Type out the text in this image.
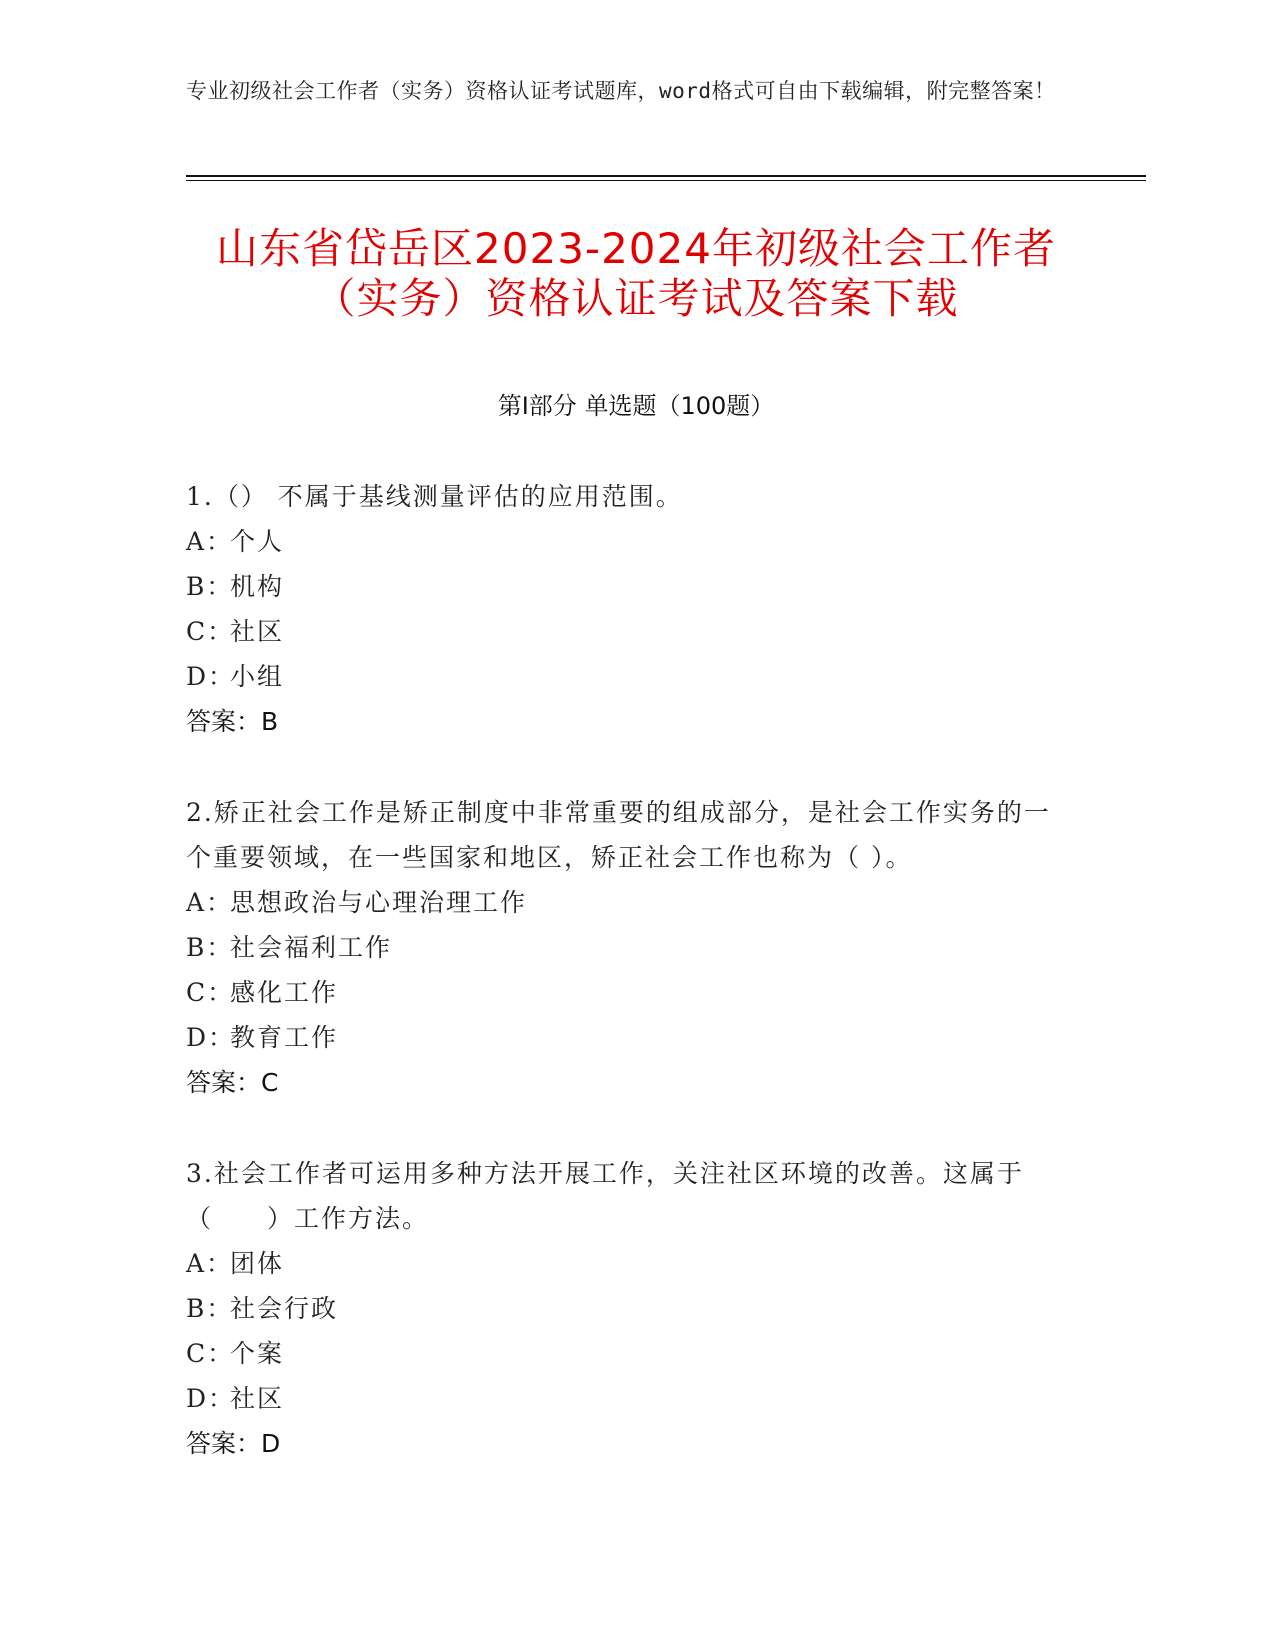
专业初级社会工作者（实务）资格认证考试题库，word格式可自由下载编辑，附完整答案！
山东省岱岳区2023-2024年初级社会工作者
（实务）资格认证考试及答案下载
第Ⅰ部分 单选题（100题）
1.（） 不属于基线测量评估的应用范围。
A：个人
B：机构
C：社区
D：小组
答案：B
2.矫正社会工作是矫正制度中非常重要的组成部分，是社会工作实务的一个重要领域，在一些国家和地区，矫正社会工作也称为（ ）。
A：思想政治与心理治理工作
B：社会福利工作
C：感化工作
D：教育工作
答案：C
3.社会工作者可运用多种方法开展工作，关注社区环境的改善。这属于（　　）工作方法。
A：团体
B：社会行政
C：个案
D：社区
答案：D
